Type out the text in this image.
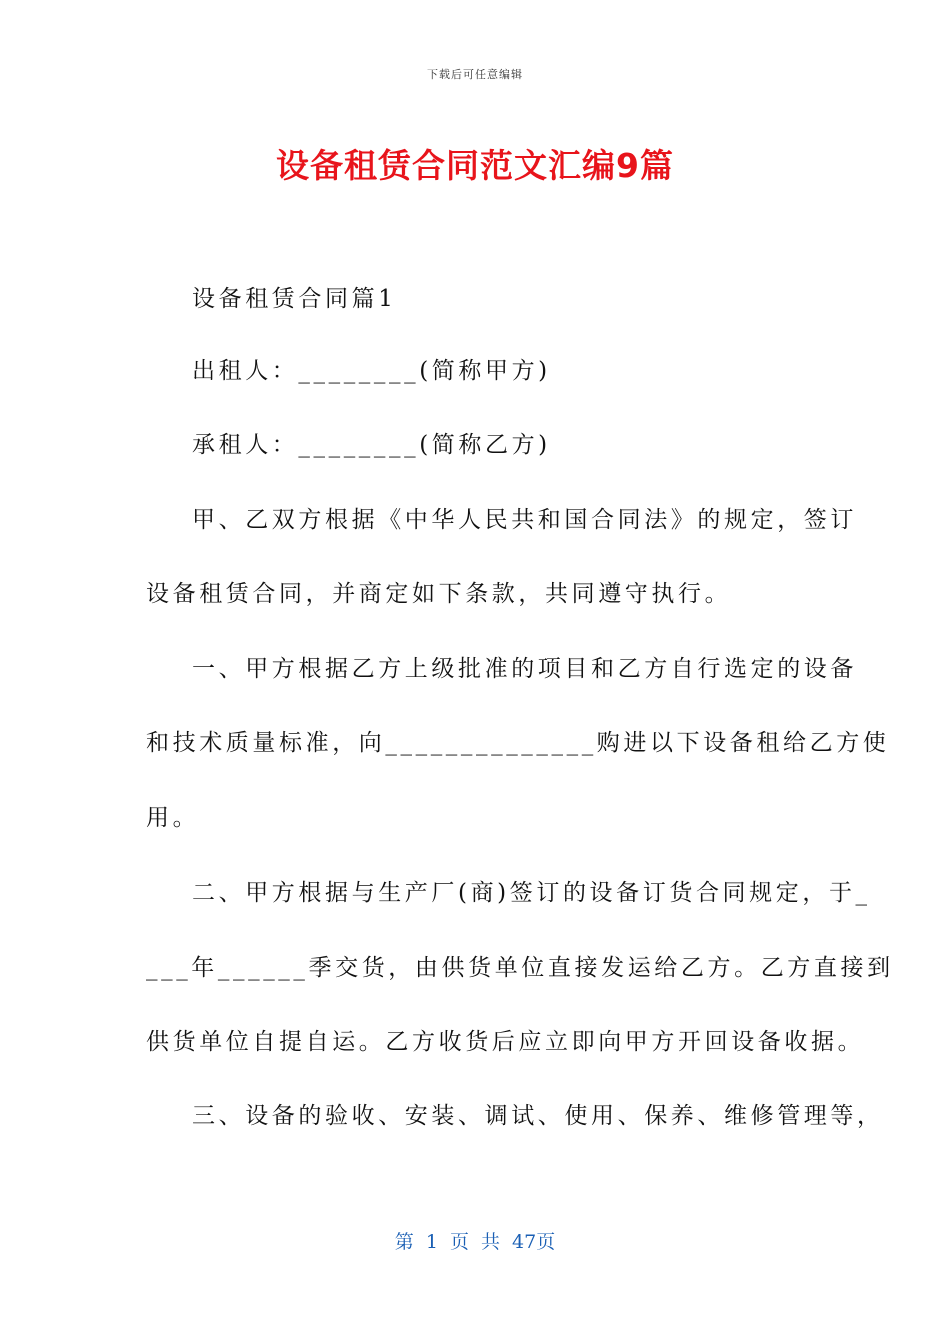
下载后可任意编辑
设备租赁合同范文汇编9篇
设备租赁合同篇1
出租人：________(简称甲方)
承租人：________(简称乙方)
甲、乙双方根据《中华人民共和国合同法》的规定，签订
设备租赁合同，并商定如下条款，共同遵守执行。
一、甲方根据乙方上级批准的项目和乙方自行选定的设备
和技术质量标准，向______________购进以下设备租给乙方使
用。
二、甲方根据与生产厂(商)签订的设备订货合同规定，于_
___年______季交货，由供货单位直接发运给乙方。乙方直接到
供货单位自提自运。乙方收货后应立即向甲方开回设备收据。
三、设备的验收、安装、调试、使用、保养、维修管理等，
第 1 页 共 47页
